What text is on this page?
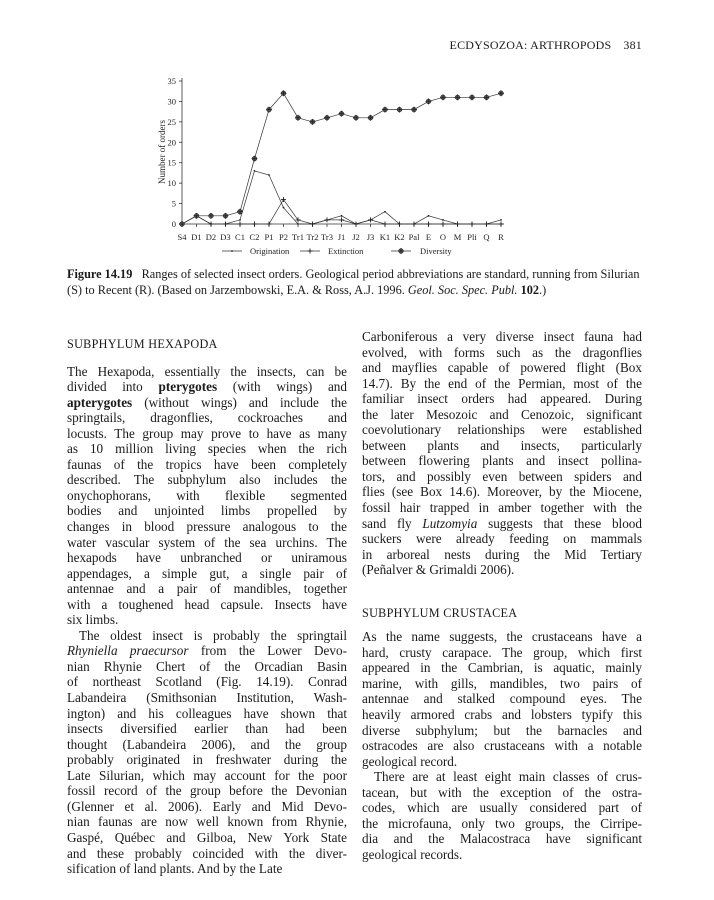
ECDYSOZOA: ARTHROPODS 381
0
5
10
15
20
25
30
35
S4 D1 D2 D3 C1 C2 P1 P2 Tr1 Tr2 Tr3 J1 J2 J3 K1 K2 Pal E O M Pli Q R
Number of orders
Origination	Extinction	Diversity
Figure 14.19 Ranges of selected insect orders. Geological period abbreviations are standard, running from Silurian (S) to Recent (R). (Based on Jarzembowski, E.A. & Ross, A.J. 1996. Geol. Soc. Spec. Publ. 102.)
SUBPHYLUM HEXAPODA
The Hexapoda, essentially the insects, can be
divided into pterygotes (with wings) and
apterygotes (without wings) and include the
springtails, dragonflies, cockroaches and
locusts. The group may prove to have as many
as 10 million living species when the rich
faunas of the tropics have been completely
described. The subphylum also includes the
onychophorans, with flexible segmented
bodies and unjointed limbs propelled by
changes in blood pressure analogous to the
water vascular system of the sea urchins. The
hexapods have unbranched or uniramous
appendages, a simple gut, a single pair of
antennae and a pair of mandibles, together
with a toughened head capsule. Insects have
six limbs.
The oldest insect is probably the springtail
Rhyniella praecursor from the Lower Devo-
nian Rhynie Chert of the Orcadian Basin
of northeast Scotland (Fig. 14.19). Conrad
Labandeira (Smithsonian Institution, Wash-
ington) and his colleagues have shown that
insects diversified earlier than had been
thought (Labandeira 2006), and the group
probably originated in freshwater during the
Late Silurian, which may account for the poor
fossil record of the group before the Devonian
(Glenner et al. 2006). Early and Mid Devo-
nian faunas are now well known from Rhynie,
Gaspé, Québec and Gilboa, New York State
and these probably coincided with the diver-
sification of land plants. And by the Late
Carboniferous a very diverse insect fauna had
evolved, with forms such as the dragonflies
and mayflies capable of powered flight (Box
14.7). By the end of the Permian, most of the
familiar insect orders had appeared. During
the later Mesozoic and Cenozoic, significant
coevolutionary relationships were established
between plants and insects, particularly
between flowering plants and insect pollina-
tors, and possibly even between spiders and
flies (see Box 14.6). Moreover, by the Miocene,
fossil hair trapped in amber together with the
sand fly Lutzomyia suggests that these blood
suckers were already feeding on mammals
in arboreal nests during the Mid Tertiary
(Peñalver & Grimaldi 2006).
SUBPHYLUM CRUSTACEA
As the name suggests, the crustaceans have a
hard, crusty carapace. The group, which first
appeared in the Cambrian, is aquatic, mainly
marine, with gills, mandibles, two pairs of
antennae and stalked compound eyes. The
heavily armored crabs and lobsters typify this
diverse subphylum; but the barnacles and
ostracodes are also crustaceans with a notable
geological record.
There are at least eight main classes of crus-
tacean, but with the exception of the ostra-
codes, which are usually considered part of
the microfauna, only two groups, the Cirripe-
dia and the Malacostraca have significant
geological records.
